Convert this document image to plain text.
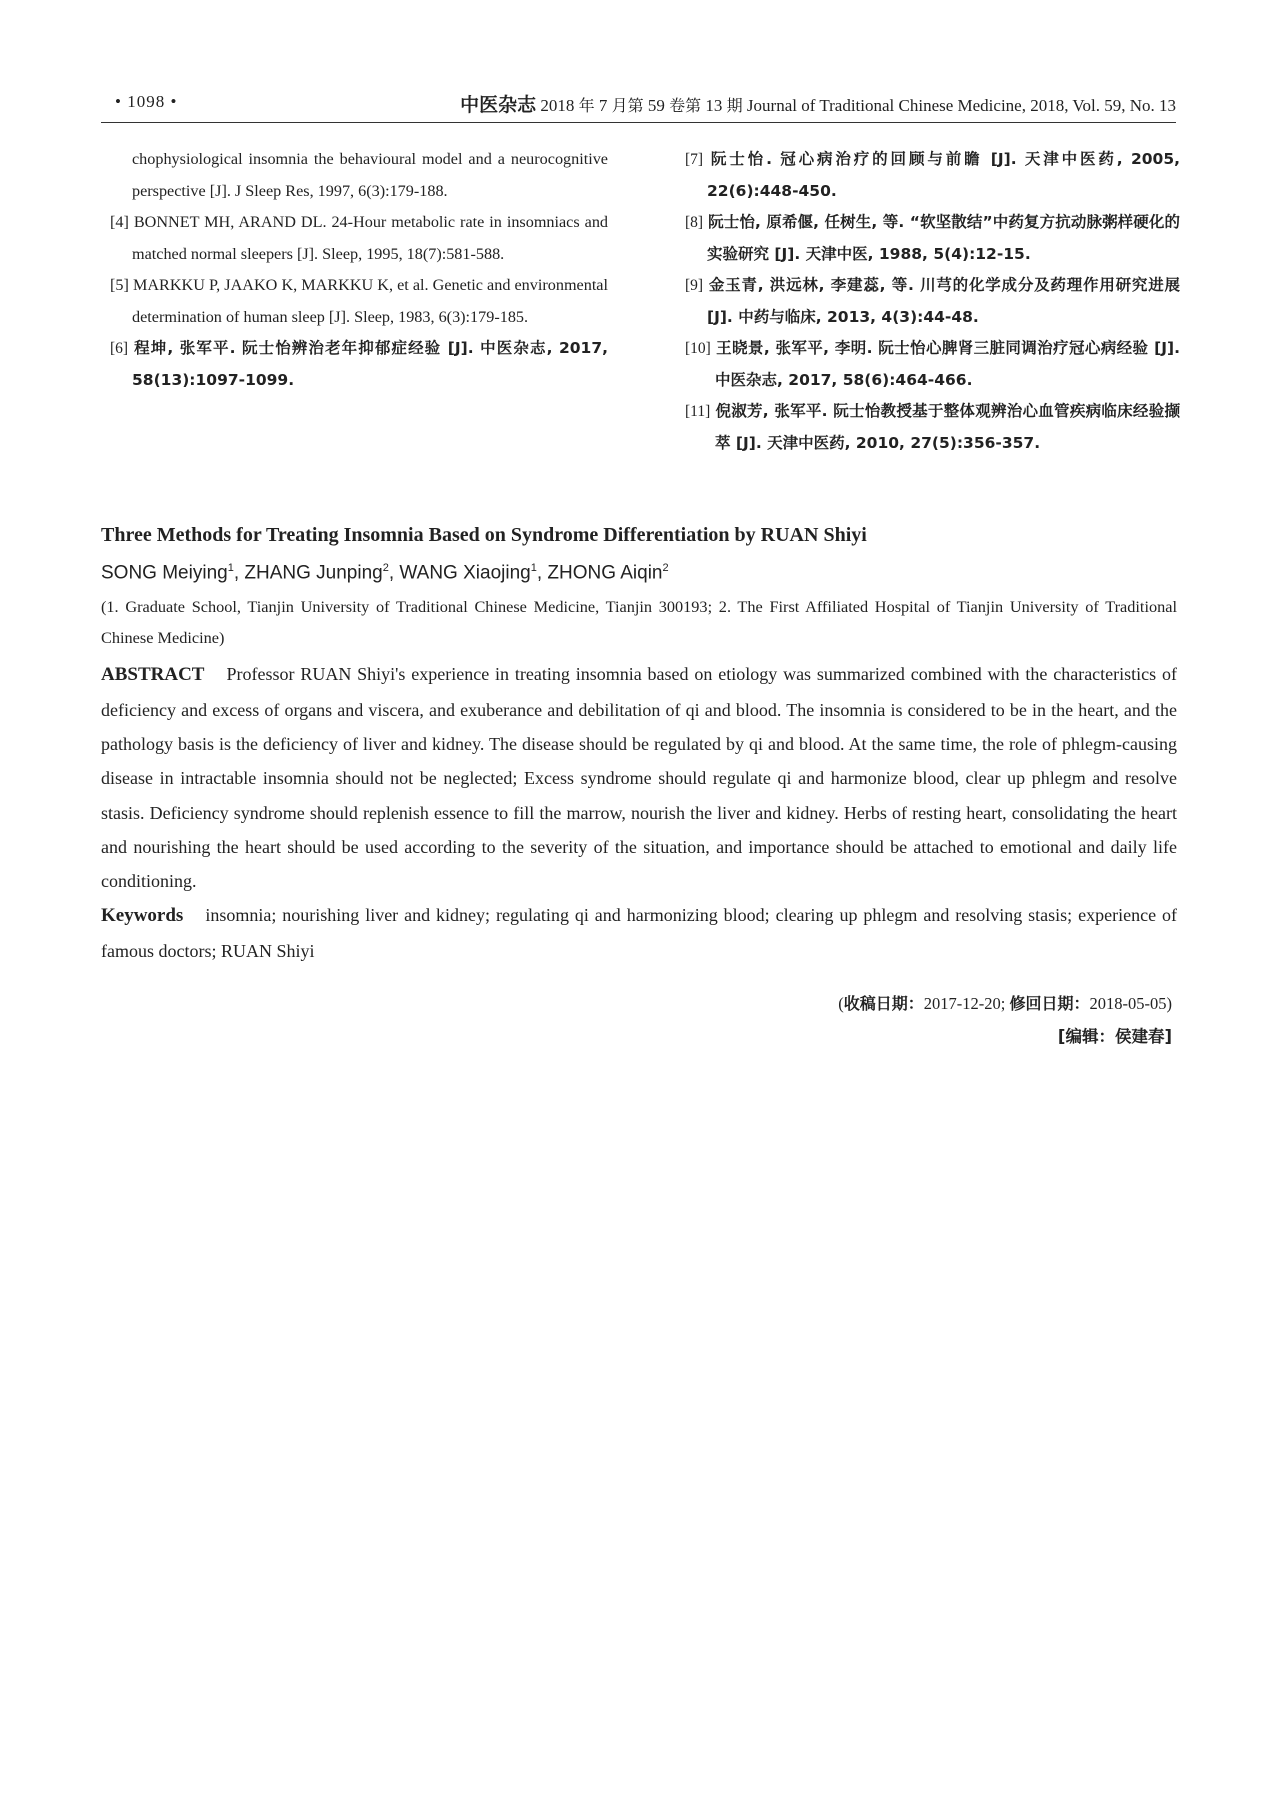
• 1098 •	中医杂志 2018 年 7 月第 59 卷第 13 期 Journal of Traditional Chinese Medicine, 2018, Vol. 59, No. 13

chophysiological insomnia the behavioural model and a neurocognitive perspective [J]. J Sleep Res, 1997, 6(3):179-188.

[4] BONNET MH, ARAND DL. 24-Hour metabolic rate in insomniacs and matched normal sleepers [J]. Sleep, 1995, 18(7):581-588.

[5] MARKKU P, JAAKO K, MARKKU K, et al. Genetic and environmental determination of human sleep [J]. Sleep, 1983, 6(3):179-185.

[6] 程坤, 张军平. 阮士怡辨治老年抑郁症经验 [J]. 中医杂志, 2017, 58(13):1097-1099.

[7] 阮士怡. 冠心病治疗的回顾与前瞻 [J]. 天津中医药, 2005, 22(6):448-450.

[8] 阮士怡, 原希偃, 任树生, 等. “软坚散结”中药复方抗动脉粥样硬化的实验研究 [J]. 天津中医, 1988, 5(4):12-15.

[9] 金玉青, 洪远林, 李建蕊, 等. 川芎的化学成分及药理作用研究进展 [J]. 中药与临床, 2013, 4(3):44-48.

[10] 王晓景, 张军平, 李明. 阮士怡心脾肾三脏同调治疗冠心病经验 [J]. 中医杂志, 2017, 58(6):464-466.

[11] 倪淑芳, 张军平. 阮士怡教授基于整体观辨治心血管疾病临床经验撷萃 [J]. 天津中医药, 2010, 27(5):356-357.

Three Methods for Treating Insomnia Based on Syndrome Differentiation by RUAN Shiyi

SONG Meiying$^1$, ZHANG Junping$^2$, WANG Xiaojing$^1$, ZHONG Aiqin$^2$

(1. Graduate School, Tianjin University of Traditional Chinese Medicine, Tianjin 300193; 2. The First Affiliated Hospital of Tianjin University of Traditional Chinese Medicine)

ABSTRACT Professor RUAN Shiyi's experience in treating insomnia based on etiology was summarized combined with the characteristics of deficiency and excess of organs and viscera, and exuberance and debilitation of qi and blood. The insomnia is considered to be in the heart, and the pathology basis is the deficiency of liver and kidney. The disease should be regulated by qi and blood. At the same time, the role of phlegm-causing disease in intractable insomnia should not be neglected; Excess syndrome should regulate qi and harmonize blood, clear up phlegm and resolve stasis. Deficiency syndrome should replenish essence to fill the marrow, nourish the liver and kidney. Herbs of resting heart, consolidating the heart and nourishing the heart should be used according to the severity of the situation, and importance should be attached to emotional and daily life conditioning.

Keywords insomnia; nourishing liver and kidney; regulating qi and harmonizing blood; clearing up phlegm and resolving stasis; experience of famous doctors; RUAN Shiyi

(收稿日期：2017-12-20; 修回日期：2018-05-05)
[编辑：侯建春]
